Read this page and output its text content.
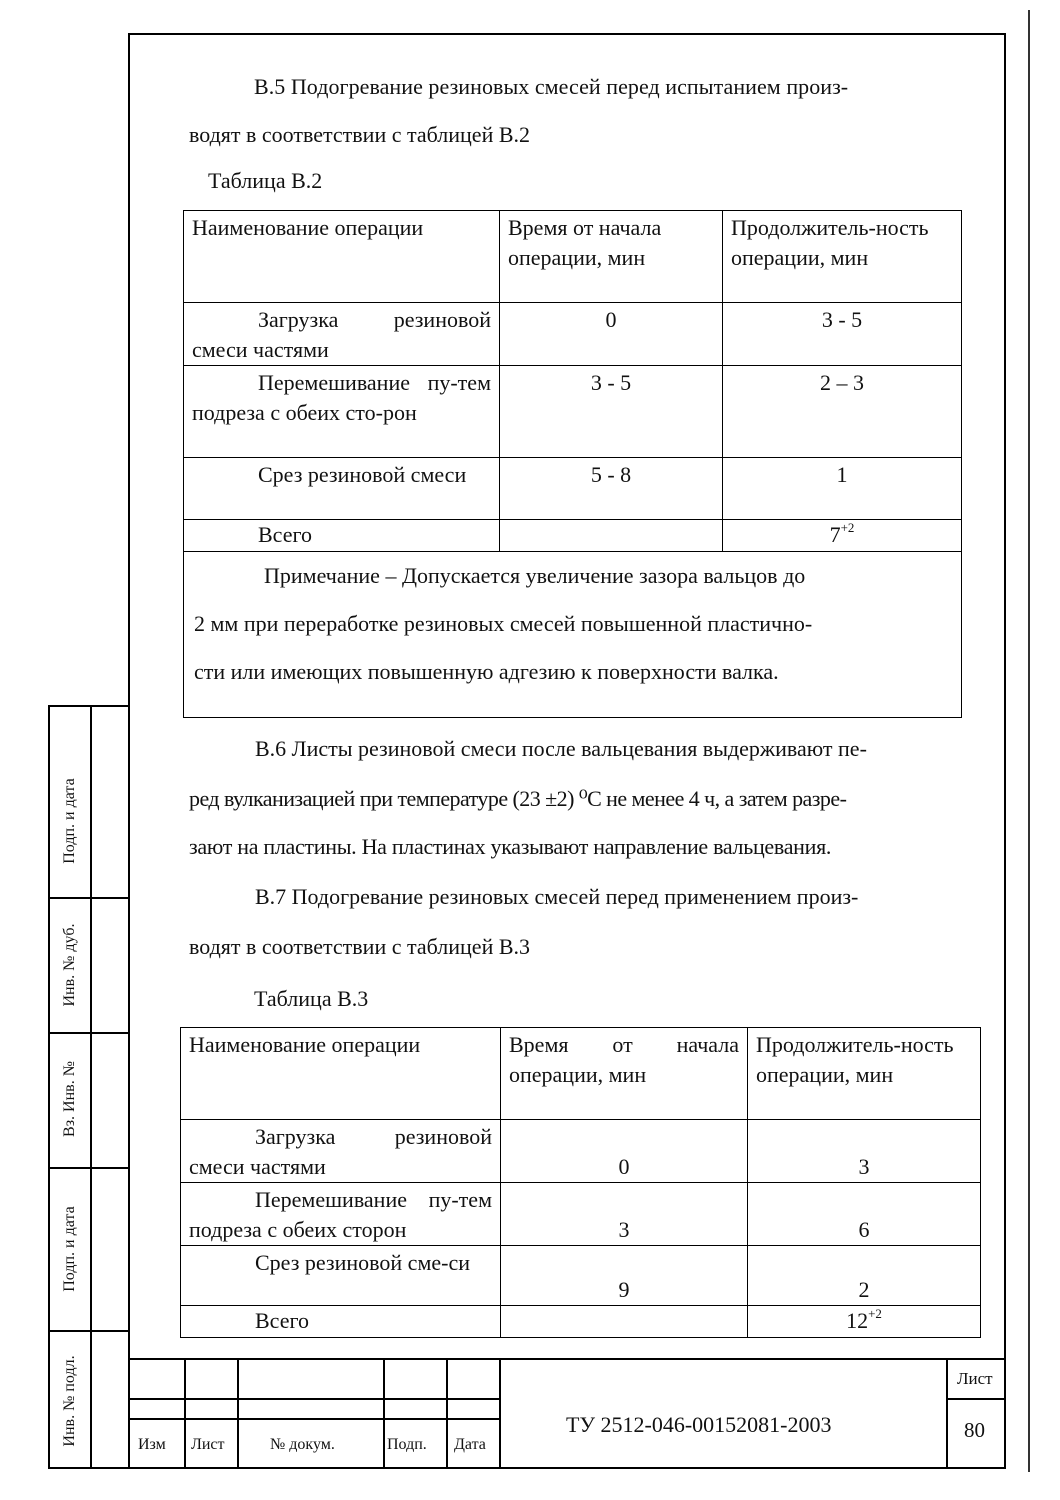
Подп. и дата
Инв. № дуб.
Вз. Инв. №
Подп. и дата
Инв. № подл.
В.5 Подогревание резиновых смесей перед испытанием произ-
водят в соответствии с таблицей В.2
Таблица В.2
Наименование операции	Время от начала операции, мин	Продолжитель-ность операции, мин
Загрузка резиновой смеси частями	0	3 - 5
Перемешивание пу-тем подреза с обеих сто-рон	3 - 5	2 – 3
Срез резиновой смеси	5 - 8	1
Всего		$7^{+2}$

Примечание – Допускается увеличение зазора вальцов до
2 мм при переработке резиновых смесей повышенной пластично-
сти или имеющих повышенную адгезию к поверхности валка.		
В.6 Листы резиновой смеси после вальцевания выдерживают пе-
ред вулканизацией при температуре (23 ±2) ⁰С не менее 4 ч, а затем разре-
зают на пластины. На пластинах указывают направление вальцевания.
В.7 Подогревание резиновых смесей перед применением произ-
водят в соответствии с таблицей В.3
Таблица В.3
Наименование операции	Время от начала операции, мин	Продолжитель-ность операции, мин
Загрузка резиновой смеси частями	0	3
Перемешивание пу-тем подреза с обеих сторон	3	6
Срез резиновой сме-си	9	2
Всего		$12^{+2}$
Изм Лист	№ докум.	Подп. Дата
ТУ 2512-046-00152081-2003
Лист
80
